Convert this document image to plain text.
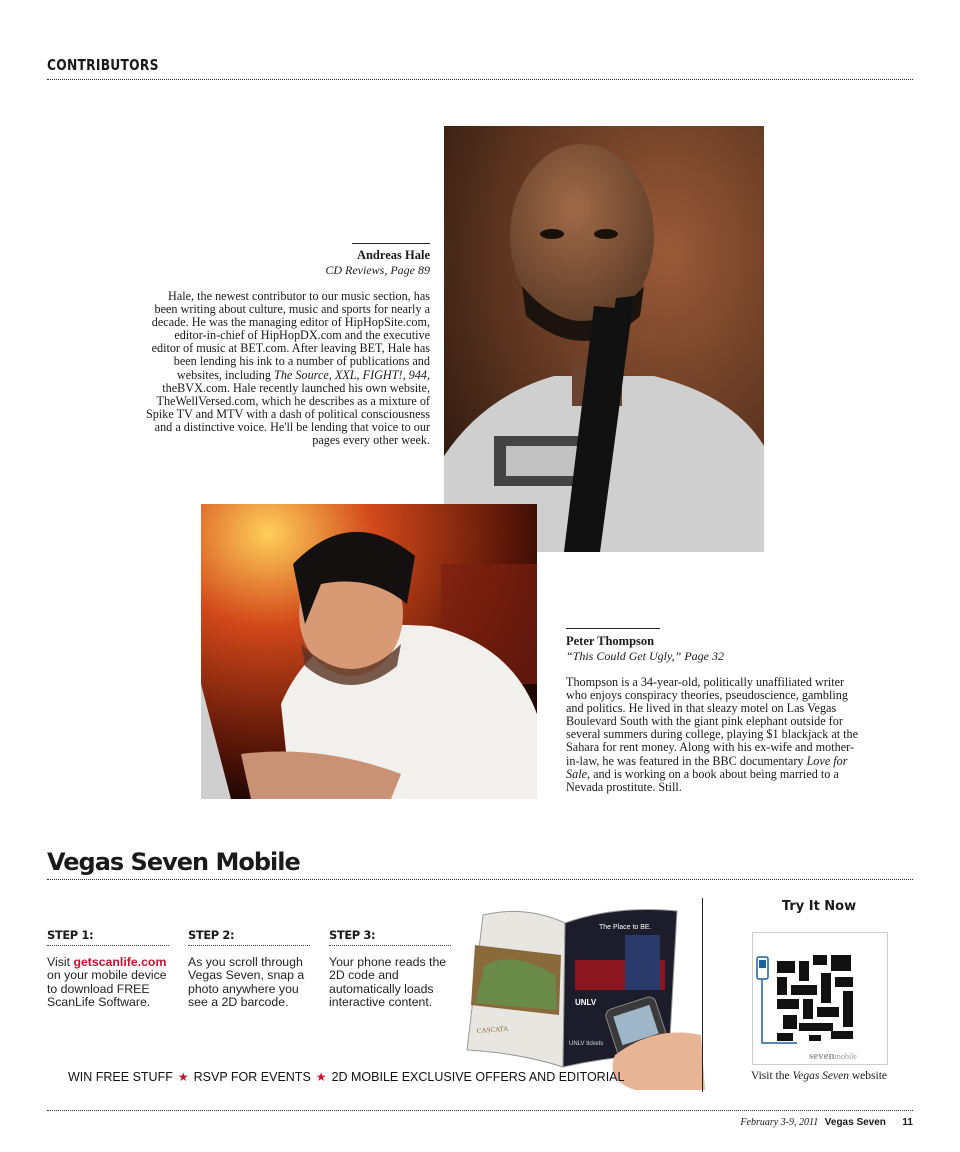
CONTRIBUTORS
Andreas Hale
CD Reviews, Page 89
Hale, the newest contributor to our music section, has been writing about culture, music and sports for nearly a decade. He was the managing editor of HipHopSite.com, editor-in-chief of HipHopDX.com and the executive editor of music at BET.com. After leaving BET, Hale has been lending his ink to a number of publications and websites, including The Source, XXL, FIGHT!, 944, theBVX.com. Hale recently launched his own website, TheWellVersed.com, which he describes as a mixture of Spike TV and MTV with a dash of political consciousness and a distinctive voice. He'll be lending that voice to our pages every other week.
Peter Thompson
“This Could Get Ugly,” Page 32
Thompson is a 34-year-old, politically unaffiliated writer who enjoys conspiracy theories, pseudoscience, gambling and politics. He lived in that sleazy motel on Las Vegas Boulevard South with the giant pink elephant outside for several summers during college, playing $1 blackjack at the Sahara for rent money. Along with his ex-wife and mother-in-law, he was featured in the BBC documentary Love for Sale, and is working on a book about being married to a Nevada prostitute. Still.
Vegas Seven Mobile
STEP 1:
Visit getscanlife.com on your mobile device to download FREE ScanLife Software.
STEP 2:
As you scroll through Vegas Seven, snap a photo anywhere you see a 2D barcode.
STEP 3:
Your phone reads the 2D code and automatically loads interactive content.
CASCATA
The Place to BE.
UNLV
UNLV tickets
WIN FREE STUFF ★ RSVP FOR EVENTS ★ 2D MOBILE EXCLUSIVE OFFERS AND EDITORIAL
Try It Now
sevenmobile
Visit the Vegas Seven website
February 3-9, 2011 Vegas Seven 11
